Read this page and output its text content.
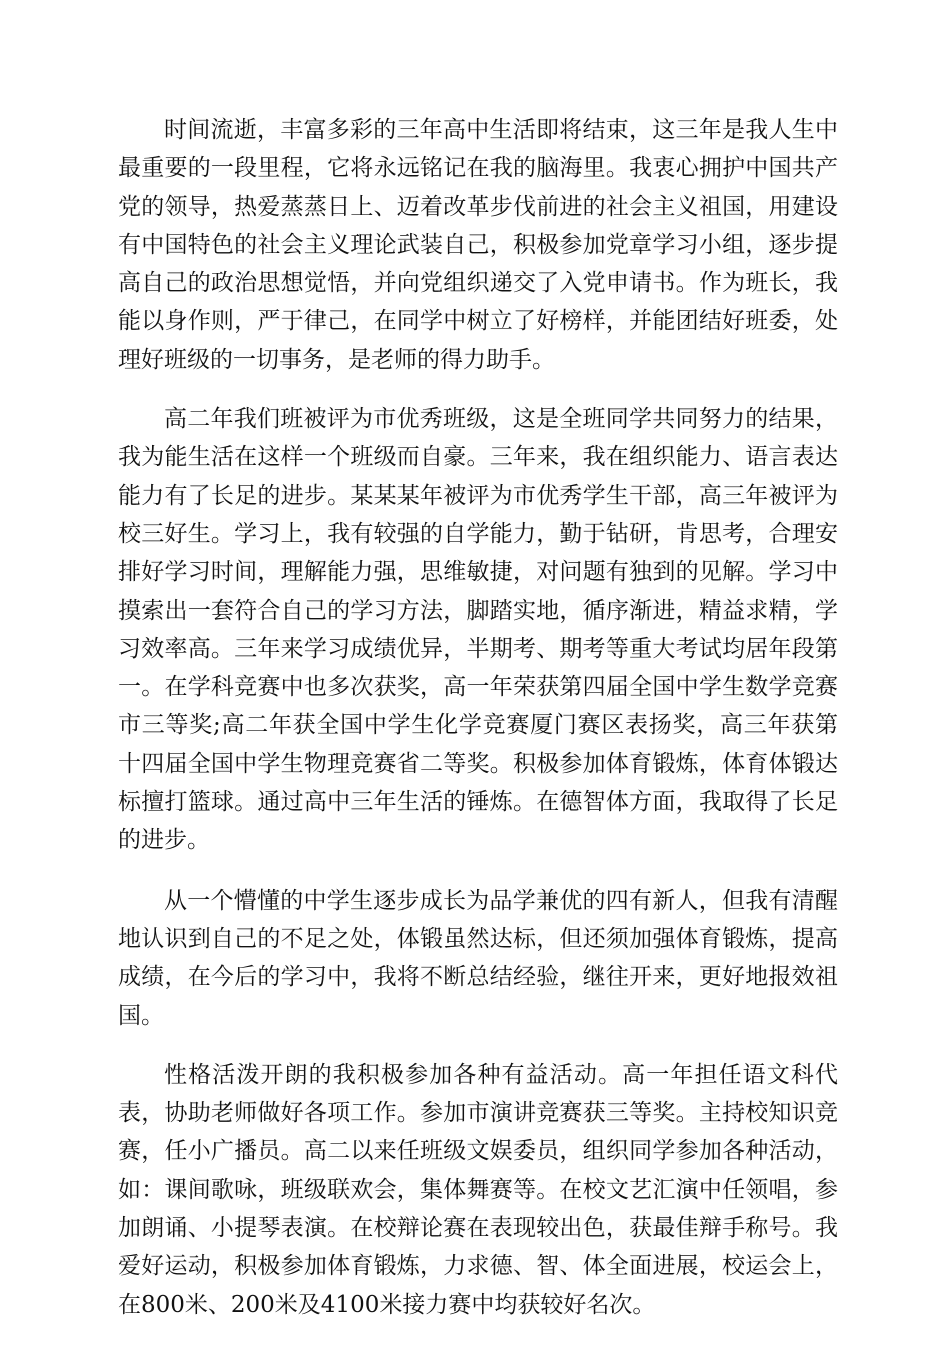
时间流逝，丰富多彩的三年高中生活即将结束，这三年是我人生中最重要的一段里程，它将永远铭记在我的脑海里。我衷心拥护中国共产党的领导，热爱蒸蒸日上、迈着改革步伐前进的社会主义祖国，用建设有中国特色的社会主义理论武装自己，积极参加党章学习小组，逐步提高自己的政治思想觉悟，并向党组织递交了入党申请书。作为班长，我能以身作则，严于律己，在同学中树立了好榜样，并能团结好班委，处理好班级的一切事务，是老师的得力助手。

高二年我们班被评为市优秀班级，这是全班同学共同努力的结果，我为能生活在这样一个班级而自豪。三年来，我在组织能力、语言表达能力有了长足的进步。某某某年被评为市优秀学生干部，高三年被评为校三好生。学习上，我有较强的自学能力，勤于钻研，肯思考，合理安排好学习时间，理解能力强，思维敏捷，对问题有独到的见解。学习中摸索出一套符合自己的学习方法，脚踏实地，循序渐进，精益求精，学习效率高。三年来学习成绩优异，半期考、期考等重大考试均居年段第一。在学科竞赛中也多次获奖，高一年荣获第四届全国中学生数学竞赛市三等奖;高二年获全国中学生化学竞赛厦门赛区表扬奖，高三年获第十四届全国中学生物理竞赛省二等奖。积极参加体育锻炼，体育体锻达标擅打篮球。通过高中三年生活的锤炼。在德智体方面，我取得了长足的进步。

从一个懵懂的中学生逐步成长为品学兼优的四有新人，但我有清醒地认识到自己的不足之处，体锻虽然达标，但还须加强体育锻炼，提高成绩，在今后的学习中，我将不断总结经验，继往开来，更好地报效祖国。

性格活泼开朗的我积极参加各种有益活动。高一年担任语文科代表，协助老师做好各项工作。参加市演讲竞赛获三等奖。主持校知识竞赛，任小广播员。高二以来任班级文娱委员，组织同学参加各种活动，如：课间歌咏，班级联欢会，集体舞赛等。在校文艺汇演中任领唱，参加朗诵、小提琴表演。在校辩论赛在表现较出色，获最佳辩手称号。我爱好运动，积极参加体育锻炼，力求德、智、体全面进展，校运会上，在800米、200米及4100米接力赛中均获较好名次。
